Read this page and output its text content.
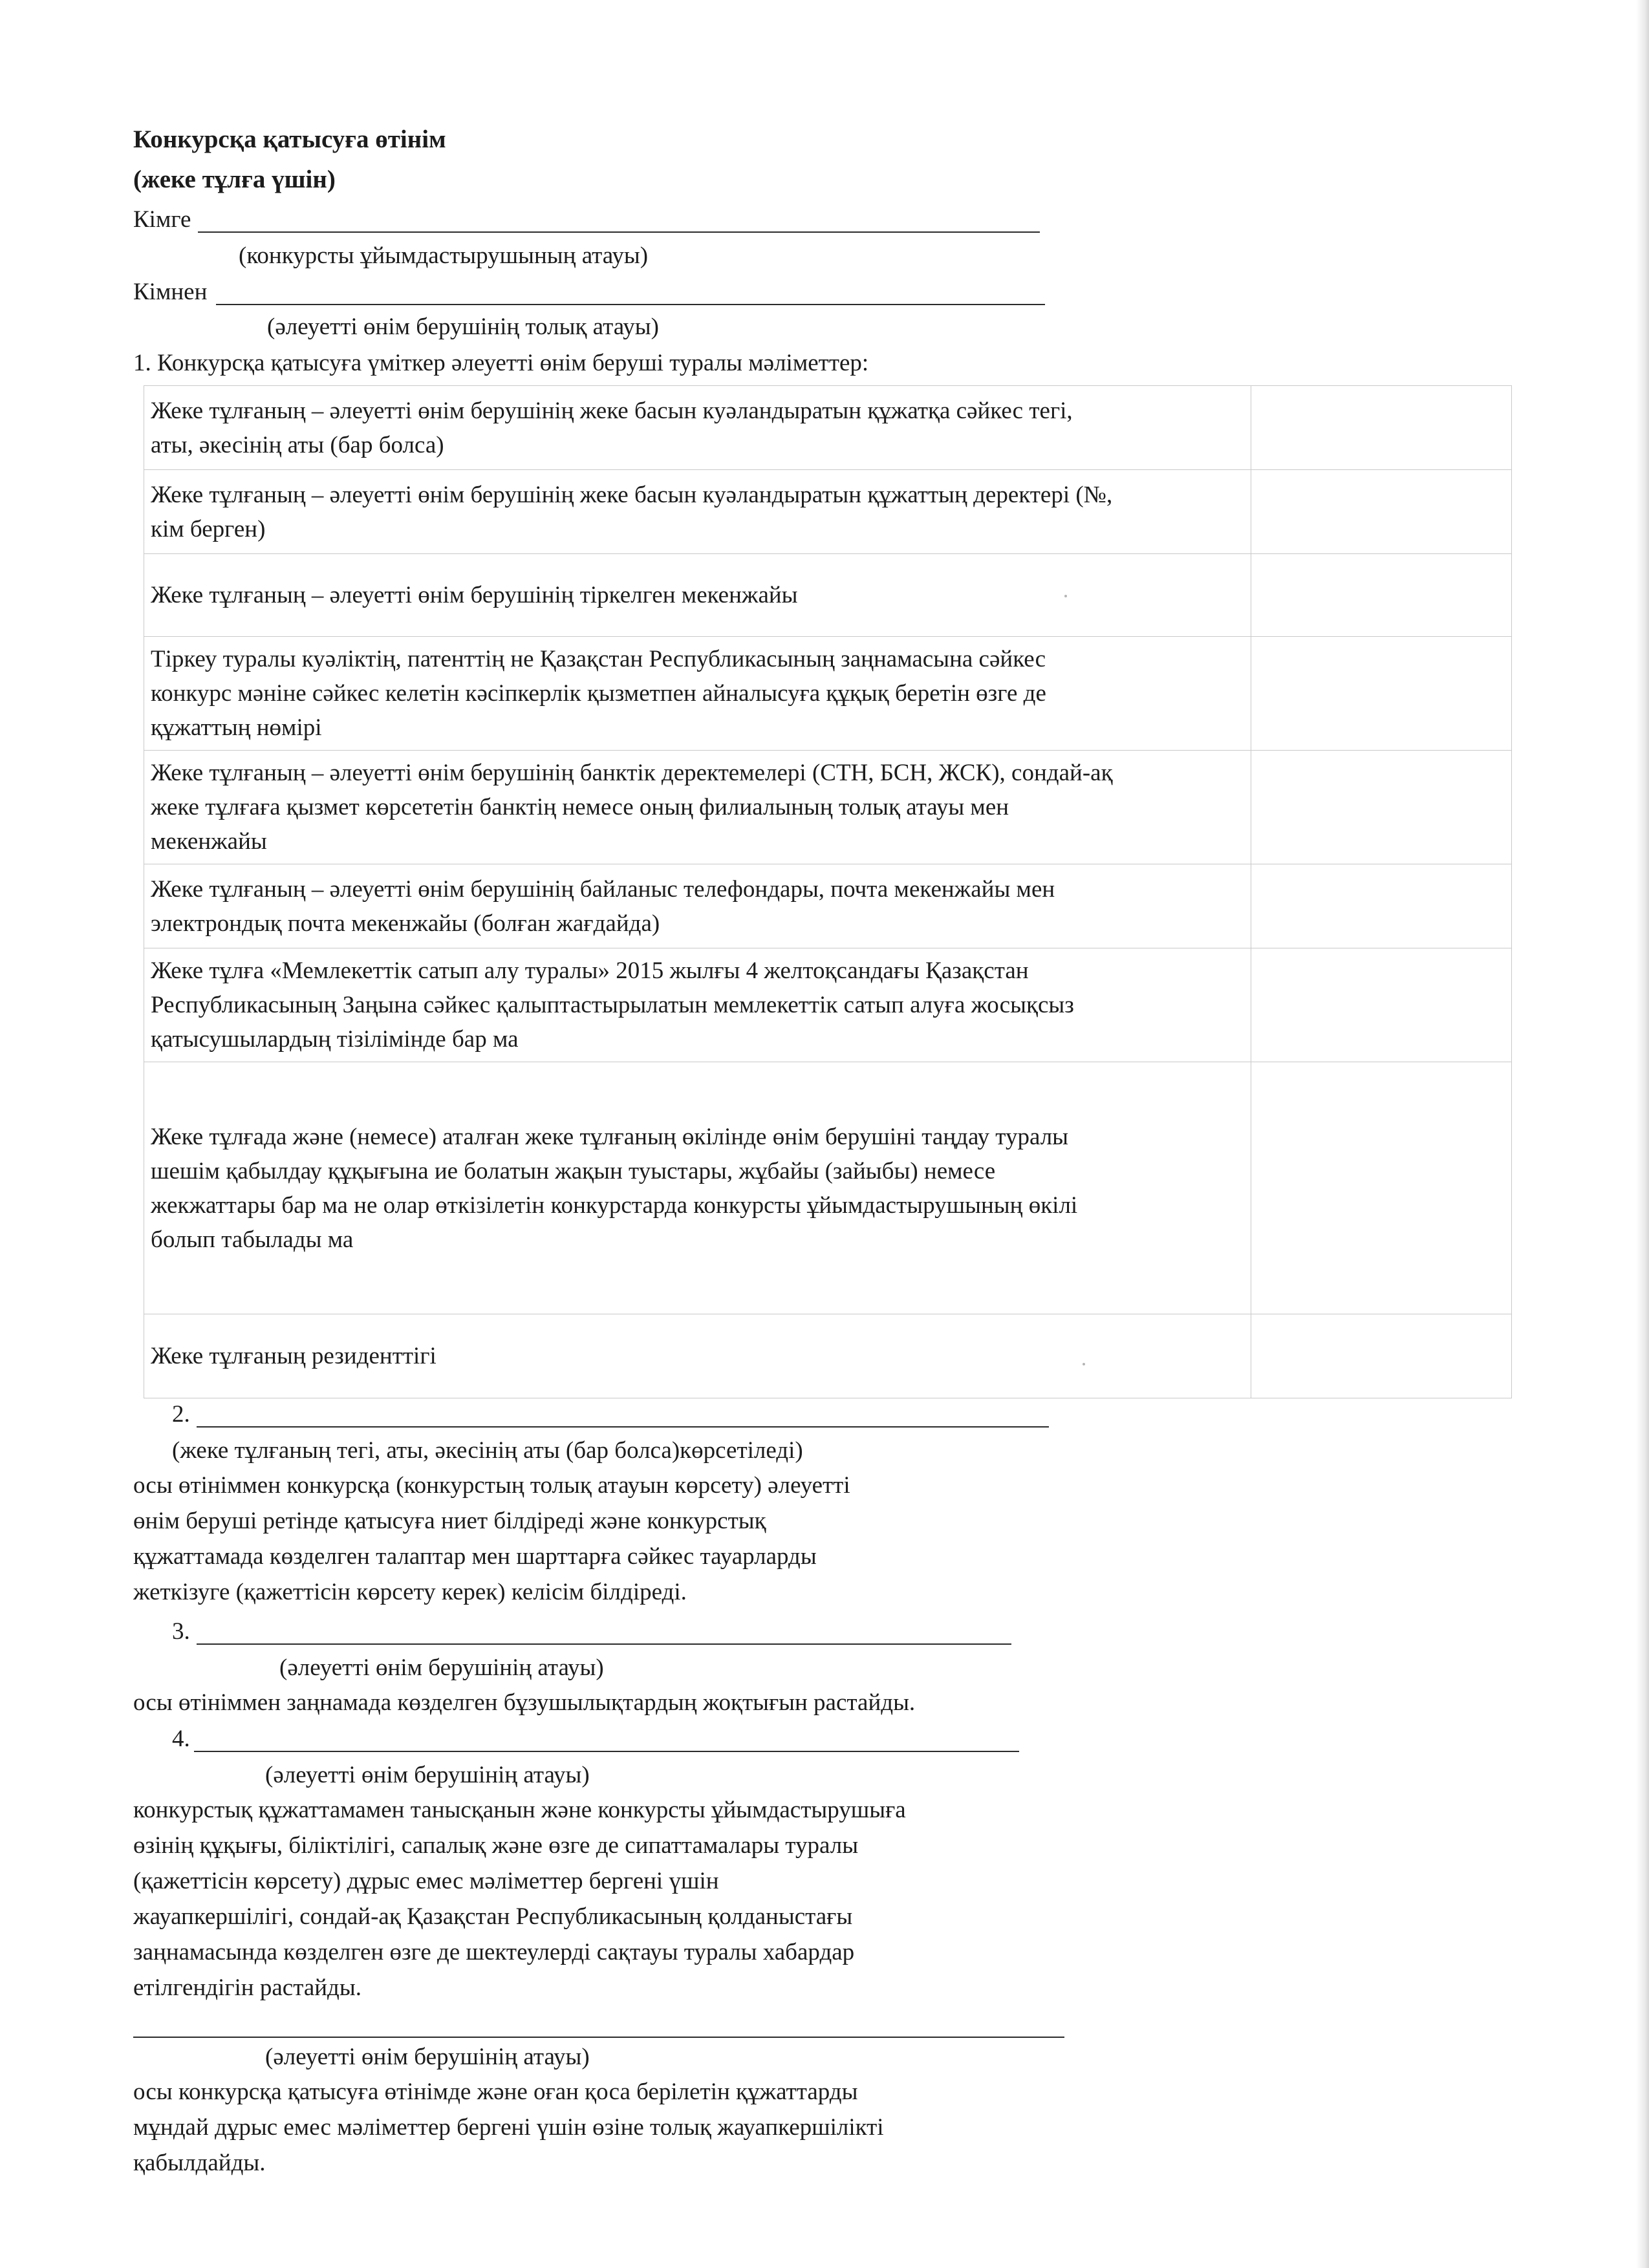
Конкурсқа қатысуға өтінім
(жеке тұлға үшін)
Кімге
(конкурсты ұйымдастырушының атауы)
Кімнен
(әлеуетті өнім берушінің толық атауы)
1. Конкурсқа қатысуға үміткер әлеуетті өнім беруші туралы мәліметтер:
Жеке тұлғаның – әлеуетті өнім берушінің жеке басын куәландыратын құжатқа сәйкес тегі,
аты, әкесінің аты (бар болса)	

Жеке тұлғаның – әлеуетті өнім берушінің жеке басын куәландыратын құжаттың деректері (№,
кім берген)	

Жеке тұлғаның – әлеуетті өнім берушінің тіркелген мекенжайы	

Тіркеу туралы куәліктің, патенттің не Қазақстан Республикасының заңнамасына сәйкес
конкурс мәніне сәйкес келетін кәсіпкерлік қызметпен айналысуға құқық беретін өзге де
құжаттың нөмірі	

Жеке тұлғаның – әлеуетті өнім берушінің банктік деректемелері (СТН, БСН, ЖСК), сондай-ақ
жеке тұлғаға қызмет көрсететін банктің немесе оның филиалының толық атауы мен
мекенжайы	

Жеке тұлғаның – әлеуетті өнім берушінің байланыс телефондары, почта мекенжайы мен
электрондық почта мекенжайы (болған жағдайда)	

Жеке тұлға «Мемлекеттік сатып алу туралы» 2015 жылғы 4 желтоқсандағы Қазақстан
Республикасының Заңына сәйкес қалыптастырылатын мемлекеттік сатып алуға жосықсыз
қатысушылардың тізілімінде бар ма	

Жеке тұлғада және (немесе) аталған жеке тұлғаның өкілінде өнім берушіні таңдау туралы
шешім қабылдау құқығына ие болатын жақын туыстары, жұбайы (зайыбы) немесе
жекжаттары бар ма не олар өткізілетін конкурстарда конкурсты ұйымдастырушының өкілі
болып табылады ма	

Жеке тұлғаның резиденттігі	

2.
(жеке тұлғаның тегі, аты, әкесінің аты (бар болса)көрсетіледі)
осы өтініммен конкурсқа (конкурстың толық атауын көрсету) әлеуетті
өнім беруші ретінде қатысуға ниет білдіреді және конкурстық
құжаттамада көзделген талаптар мен шарттарға сәйкес тауарларды
жеткізуге (қажеттісін көрсету керек) келісім білдіреді.
3.
(әлеуетті өнім берушінің атауы)
осы өтініммен заңнамада көзделген бұзушылықтардың жоқтығын растайды.
4.
(әлеуетті өнім берушінің атауы)
конкурстық құжаттамамен танысқанын және конкурсты ұйымдастырушыға
өзінің құқығы, біліктілігі, сапалық және өзге де сипаттамалары туралы
(қажеттісін көрсету) дұрыс емес мәліметтер бергені үшін
жауапкершілігі, сондай-ақ Қазақстан Республикасының қолданыстағы
заңнамасында көзделген өзге де шектеулерді сақтауы туралы хабардар
етілгендігін растайды.
(әлеуетті өнім берушінің атауы)
осы конкурсқа қатысуға өтінімде және оған қоса берілетін құжаттарды
мұндай дұрыс емес мәліметтер бергені үшін өзіне толық жауапкершілікті
қабылдайды.
